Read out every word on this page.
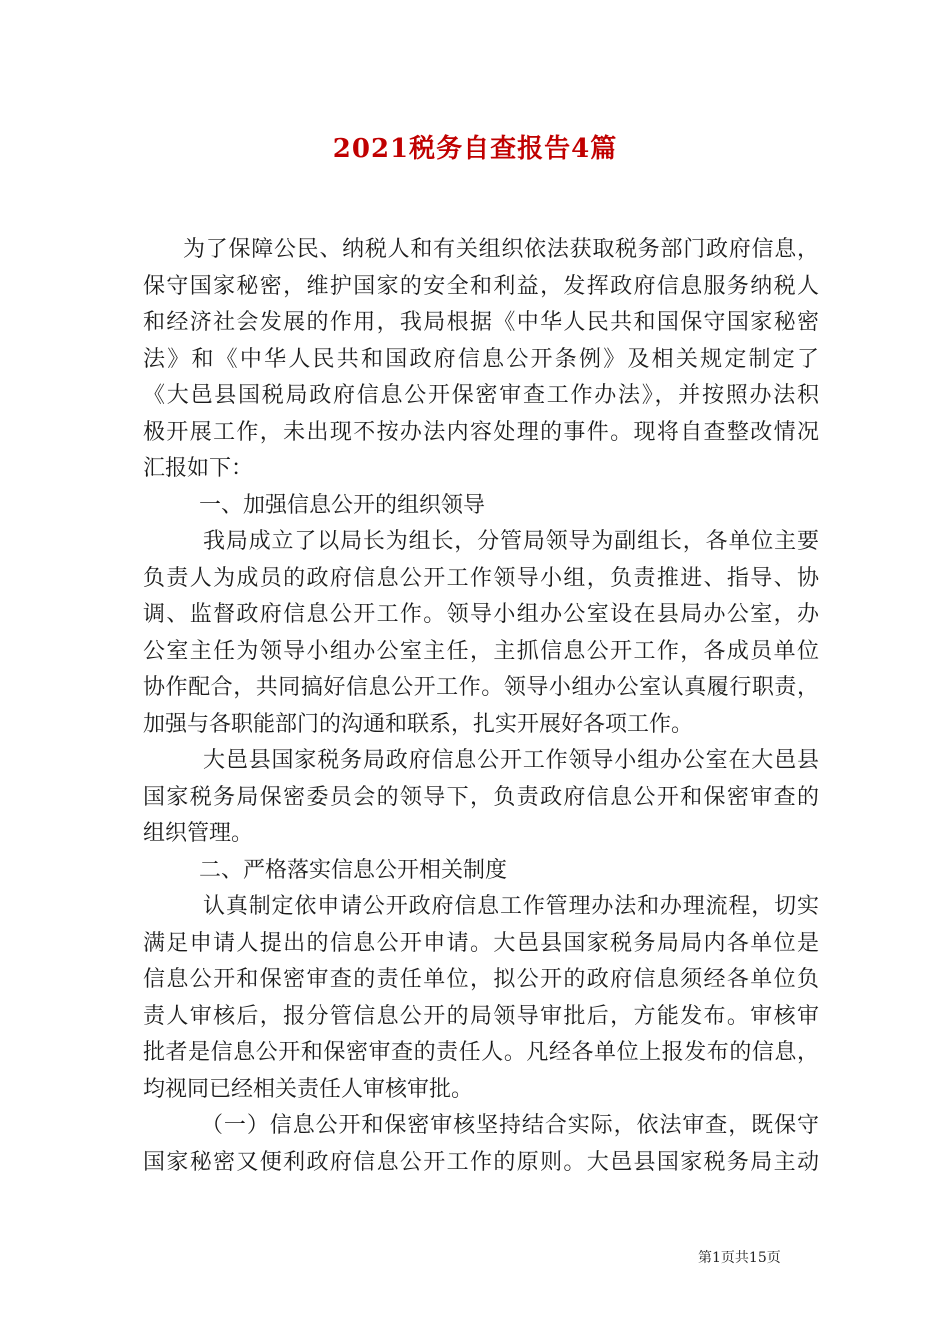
2021税务自查报告4篇
为了保障公民、纳税人和有关组织依法获取税务部门政府信息，
保守国家秘密，维护国家的安全和利益，发挥政府信息服务纳税人
和经济社会发展的作用，我局根据《中华人民共和国保守国家秘密
法》和《中华人民共和国政府信息公开条例》及相关规定制定了
《大邑县国税局政府信息公开保密审查工作办法》，并按照办法积
极开展工作，未出现不按办法内容处理的事件。现将自查整改情况
汇报如下：
一、加强信息公开的组织领导
我局成立了以局长为组长，分管局领导为副组长，各单位主要
负责人为成员的政府信息公开工作领导小组，负责推进、指导、协
调、监督政府信息公开工作。领导小组办公室设在县局办公室，办
公室主任为领导小组办公室主任，主抓信息公开工作，各成员单位
协作配合，共同搞好信息公开工作。领导小组办公室认真履行职责，
加强与各职能部门的沟通和联系，扎实开展好各项工作。
大邑县国家税务局政府信息公开工作领导小组办公室在大邑县
国家税务局保密委员会的领导下，负责政府信息公开和保密审查的
组织管理。
二、严格落实信息公开相关制度
认真制定依申请公开政府信息工作管理办法和办理流程，切实
满足申请人提出的信息公开申请。大邑县国家税务局局内各单位是
信息公开和保密审查的责任单位，拟公开的政府信息须经各单位负
责人审核后，报分管信息公开的局领导审批后，方能发布。审核审
批者是信息公开和保密审查的责任人。凡经各单位上报发布的信息，
均视同已经相关责任人审核审批。
（一）信息公开和保密审核坚持结合实际，依法审查，既保守
国家秘密又便利政府信息公开工作的原则。大邑县国家税务局主动
第1页共15页
